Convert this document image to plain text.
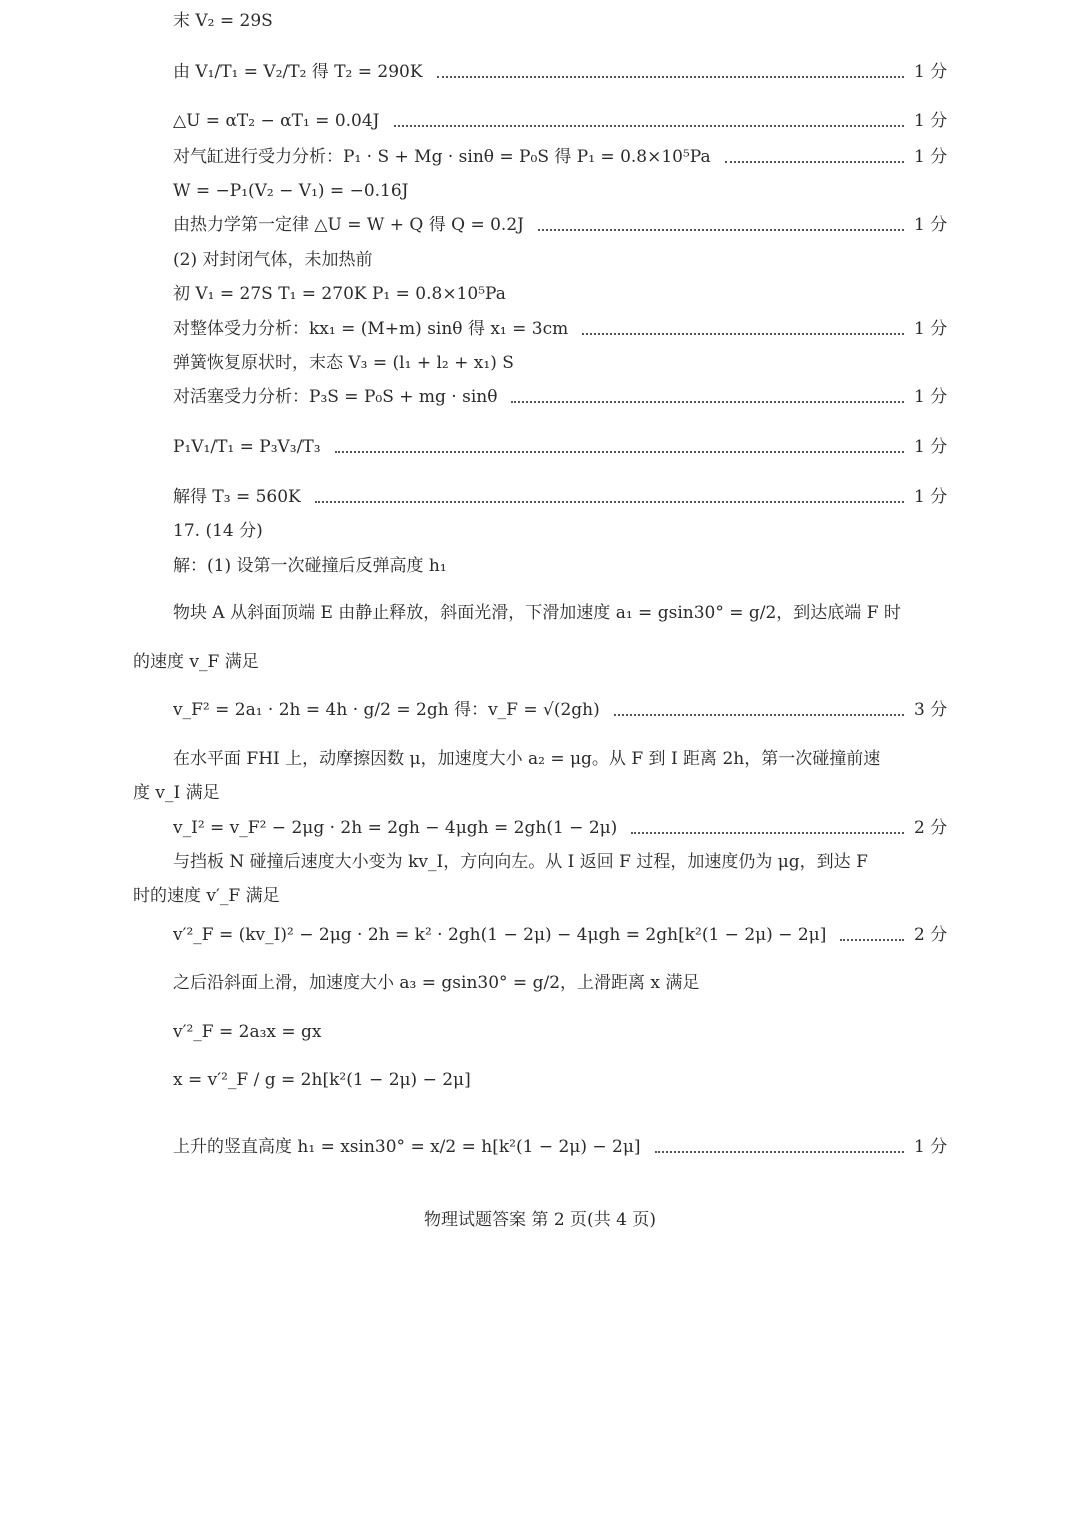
末 V₂ = 29S
由 V₁/T₁ = V₂/T₂ 得 T₂ = 290K	1 分
△U = αT₂ − αT₁ = 0.04J	1 分
对气缸进行受力分析：P₁ · S + Mg · sinθ = P₀S 得 P₁ = 0.8×10⁵Pa	1 分
W = −P₁(V₂ − V₁) = −0.16J
由热力学第一定律 △U = W + Q 得 Q = 0.2J	1 分
(2) 对封闭气体，未加热前
初 V₁ = 27S T₁ = 270K P₁ = 0.8×10⁵Pa
对整体受力分析：kx₁ = (M+m) sinθ 得 x₁ = 3cm	1 分
弹簧恢复原状时，末态 V₃ = (l₁ + l₂ + x₁) S
对活塞受力分析：P₃S = P₀S + mg · sinθ	1 分
P₁V₁/T₁ = P₃V₃/T₃	1 分
解得 T₃ = 560K	1 分
17. (14 分)
解：(1) 设第一次碰撞后反弹高度 h₁
物块 A 从斜面顶端 E 由静止释放，斜面光滑，下滑加速度 a₁ = gsin30° = g/2，到达底端 F 时
的速度 v_F 满足
v_F² = 2a₁ · 2h = 4h · g/2 = 2gh 得：v_F = √(2gh)	3 分
在水平面 FHI 上，动摩擦因数 μ，加速度大小 a₂ = μg。从 F 到 I 距离 2h，第一次碰撞前速
度 v_I 满足
v_I² = v_F² − 2μg · 2h = 2gh − 4μgh = 2gh(1 − 2μ)	2 分
与挡板 N 碰撞后速度大小变为 kv_I，方向向左。从 I 返回 F 过程，加速度仍为 μg，到达 F
时的速度 v′_F 满足
v′²_F = (kv_I)² − 2μg · 2h = k² · 2gh(1 − 2μ) − 4μgh = 2gh[k²(1 − 2μ) − 2μ]	2 分
之后沿斜面上滑，加速度大小 a₃ = gsin30° = g/2，上滑距离 x 满足
v′²_F = 2a₃x = gx
x = v′²_F / g = 2h[k²(1 − 2μ) − 2μ]
上升的竖直高度 h₁ = xsin30° = x/2 = h[k²(1 − 2μ) − 2μ]	1 分
物理试题答案 第 2 页(共 4 页)
